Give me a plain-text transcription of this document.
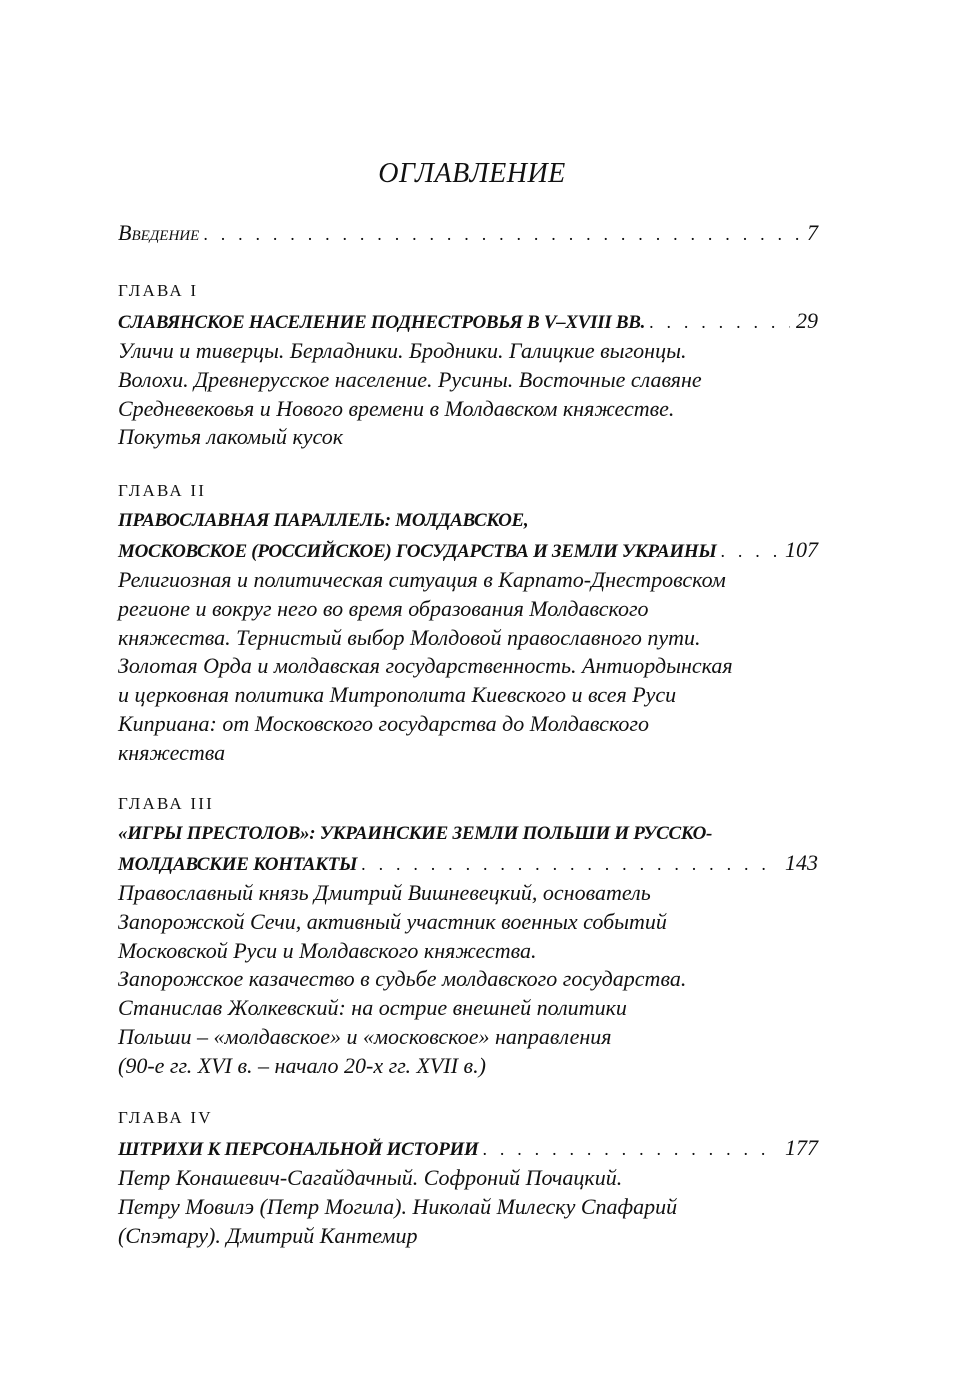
ОГЛАВЛЕНИЕ
Введение . . .	7
ГЛАВА I
СЛАВЯНСКОЕ НАСЕЛЕНИЕ ПОДНЕСТРОВЬЯ В V–XVIII ВВ. . . .	29
Уличи и тиверцы. Берладники. Бродники. Галицкие выгонцы.
Волохи. Древнерусское население. Русины. Восточные славяне
Средневековья и Нового времени в Молдавском княжестве.
Покутья лакомый кусок
ГЛАВА II
ПРАВОСЛАВНАЯ ПАРАЛЛЕЛЬ: МОЛДАВСКОЕ,
МОСКОВСКОЕ (РОССИЙСКОЕ) ГОСУДАРСТВА И ЗЕМЛИ УКРАИНЫ . . .	107
Религиозная и политическая ситуация в Карпато-Днестровском
регионе и вокруг него во время образования Молдавского
княжества. Тернистый выбор Молдовой православного пути.
Золотая Орда и молдавская государственность. Антиордынская
и церковная политика Митрополита Киевского и всея Руси
Киприана: от Московского государства до Молдавского
княжества
ГЛАВА III
«ИГРЫ ПРЕСТОЛОВ»: УКРАИНСКИЕ ЗЕМЛИ ПОЛЬШИ И РУССКО-
МОЛДАВСКИЕ КОНТАКТЫ . . .	143
Православный князь Дмитрий Вишневецкий, основатель
Запорожской Сечи, активный участник военных событий
Московской Руси и Молдавского княжества.
Запорожское казачество в судьбе молдавского государства.
Станислав Жолкевский: на острие внешней политики
Польши – «молдавское» и «московское» направления
(90-е гг. XVI в. – начало 20-х гг. XVII в.)
ГЛАВА IV
ШТРИХИ К ПЕРСОНАЛЬНОЙ ИСТОРИИ . . .	177
Петр Конашевич-Сагайдачный. Софроний Почацкий.
Петру Мовилэ (Петр Могила). Николай Милеску Спафарий
(Спэтару). Дмитрий Кантемир
